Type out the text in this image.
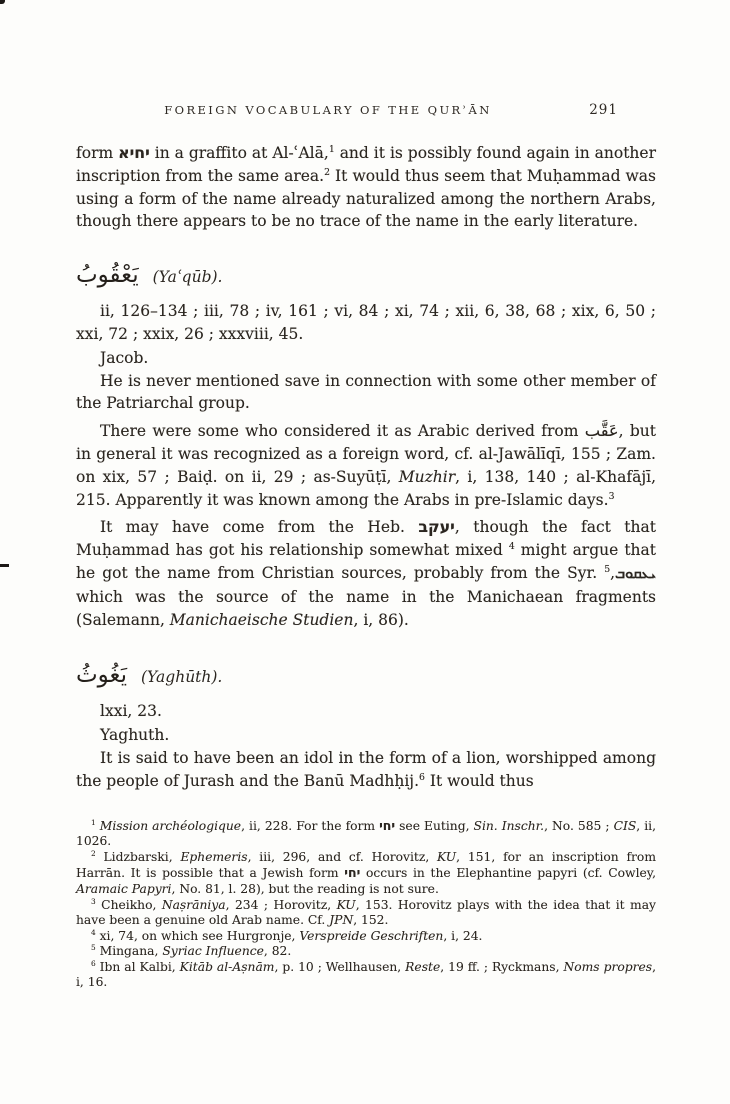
FOREIGN VOCABULARY OF THE QURʾĀN	291

form יחיא in a graffito at Al-ʿAlā,$^1$ and it is possibly found again in another inscription from the same area.$^2$ It would thus seem that Muḥammad was using a form of the name already naturalized among the northern Arabs, though there appears to be no trace of the name in the early literature.

يَعْقُوبُ (Yaʿqūb).

ii, 126–134 ; iii, 78 ; iv, 161 ; vi, 84 ; xi, 74 ; xii, 6, 38, 68 ; xix, 6, 50 ; xxi, 72 ; xxix, 26 ; xxxviii, 45.

Jacob.

He is never mentioned save in connection with some other member of the Patriarchal group.

There were some who considered it as Arabic derived from عَقَّب, but in general it was recognized as a foreign word, cf. al-Jawālīqī, 155 ; Zam. on xix, 57 ; Baiḍ. on ii, 29 ; as-Suyūṭī, Muzhir, i, 138, 140 ; al-Khafājī, 215. Apparently it was known among the Arabs in pre-Islamic days.$^3$

It may have come from the Heb. יעקב, though the fact that Muḥammad has got his relationship somewhat mixed $^4$ might argue that he got the name from Christian sources, probably from the Syr. ܝܥܩܘܒ,$^5$ which was the source of the name in the Manichaean fragments (Salemann, Manichaeische Studien, i, 86).

يَغُوثُ (Yaghūth).

lxxi, 23.

Yaghuth.

It is said to have been an idol in the form of a lion, worshipped among the people of Jurash and the Banū Madhḥij.$^6$ It would thus

$^1$ Mission archéologique, ii, 228. For the form יחי see Euting, Sin. Inschr., No. 585 ; CIS, ii, 1026.

$^2$ Lidzbarski, Ephemeris, iii, 296, and cf. Horovitz, KU, 151, for an inscription from Harrān. It is possible that a Jewish form יחי occurs in the Elephantine papyri (cf. Cowley, Aramaic Papyri, No. 81, l. 28), but the reading is not sure.

$^3$ Cheikho, Naṣrāniya, 234 ; Horovitz, KU, 153. Horovitz plays with the idea that it may have been a genuine old Arab name. Cf. JPN, 152.

$^4$ xi, 74, on which see Hurgronje, Verspreide Geschriften, i, 24.

$^5$ Mingana, Syriac Influence, 82.

$^6$ Ibn al Kalbi, Kitāb al-Aṣnām, p. 10 ; Wellhausen, Reste, 19 ff. ; Ryckmans, Noms propres, i, 16.
